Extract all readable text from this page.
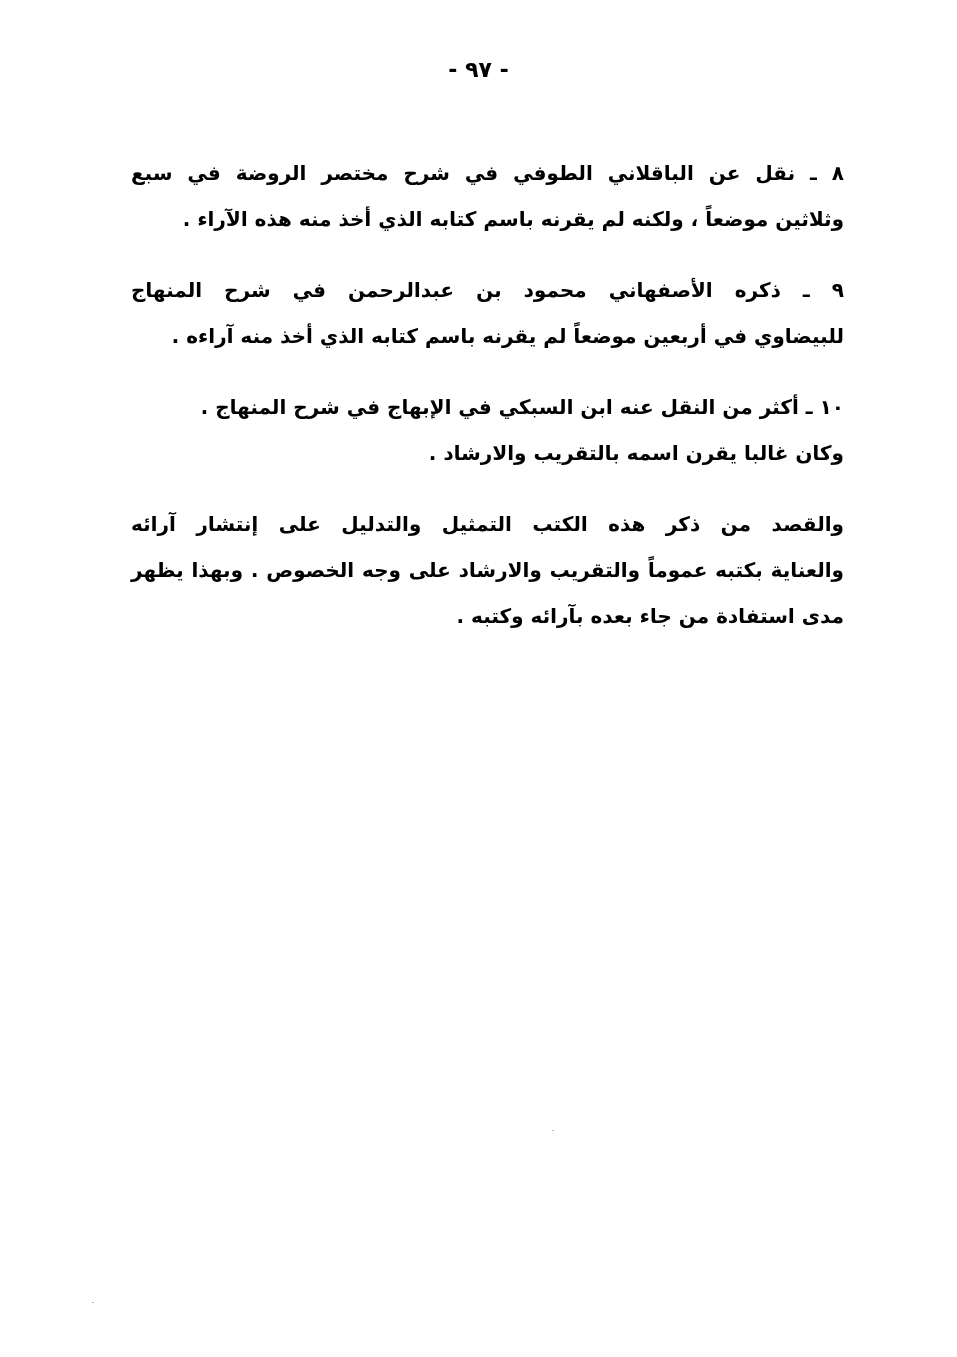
- ٩٧ -

٨ ـ نقل عن الباقلاني الطوفي في شرح مختصر الروضة في سبع
وثلاثين موضعاً ، ولكنه لم يقرنه باسم كتابه الذي أخذ منه هذه الآراء .

٩ ـ ذكره الأصفهاني محمود بن عبدالرحمن في شرح المنهاج
للبيضاوي في أربعين موضعاً لم يقرنه باسم كتابه الذي أخذ منه آراءه .

١٠ ـ أكثر من النقل عنه ابن السبكي في الإبهاج في شرح المنهاج .
وكان غالبا يقرن اسمه بالتقريب والارشاد .

والقصد من ذكر هذه الكتب التمثيل والتدليل على إنتشار آرائه
والعناية بكتبه عموماً والتقريب والارشاد على وجه الخصوص . وبهذا يظهر
مدى استفادة من جاء بعده بآرائه وكتبه .
